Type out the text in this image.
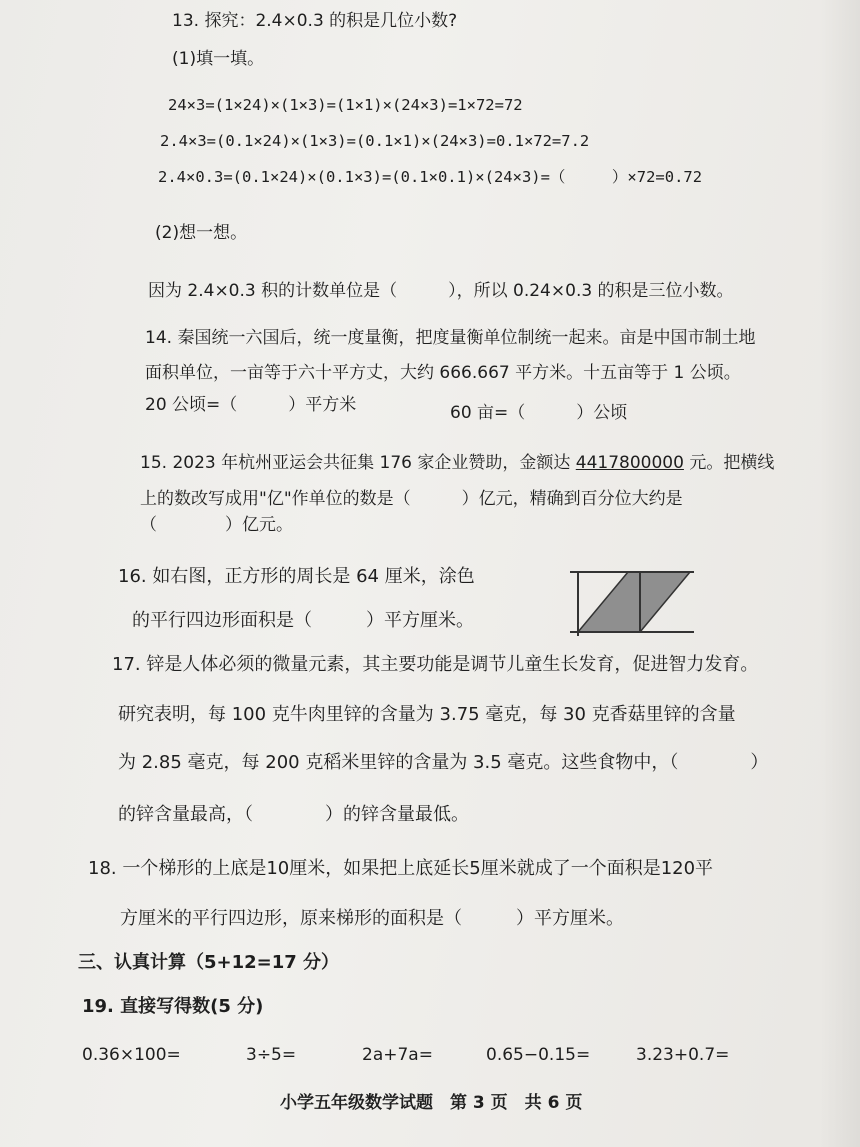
13. 探究：2.4×0.3 的积是几位小数?
(1)填一填。
24×3=(1×24)×(1×3)=(1×1)×(24×3)=1×72=72
2.4×3=(0.1×24)×(1×3)=(0.1×1)×(24×3)=0.1×72=7.2
2.4×0.3=(0.1×24)×(0.1×3)=(0.1×0.1)×(24×3)=（　　　）×72=0.72
(2)想一想。
因为 2.4×0.3 积的计数单位是（　　　），所以 0.24×0.3 的积是三位小数。
14. 秦国统一六国后，统一度量衡，把度量衡单位制统一起来。亩是中国市制土地
面积单位，一亩等于六十平方丈，大约 666.667 平方米。十五亩等于 1 公顷。
20 公顷=（　　　）平方米	60 亩=（　　　）公顷
15. 2023 年杭州亚运会共征集 176 家企业赞助，金额达 4417800000 元。把横线
上的数改写成用"亿"作单位的数是（　　　）亿元，精确到百分位大约是
（　　　　）亿元。
16. 如右图，正方形的周长是 64 厘米，涂色
的平行四边形面积是（　　　）平方厘米。
17. 锌是人体必须的微量元素，其主要功能是调节儿童生长发育，促进智力发育。
研究表明，每 100 克牛肉里锌的含量为 3.75 毫克，每 30 克香菇里锌的含量
为 2.85 毫克，每 200 克稻米里锌的含量为 3.5 毫克。这些食物中，（　　　　）
的锌含量最高，（　　　　）的锌含量最低。
18. 一个梯形的上底是10厘米，如果把上底延长5厘米就成了一个面积是120平
方厘米的平行四边形，原来梯形的面积是（　　　）平方厘米。
三、认真计算（5+12=17 分）
19. 直接写得数(5 分)
0.36×100=	3÷5=	2a+7a=	0.65−0.15=	3.23+0.7=
小学五年级数学试题　第 3 页　共 6 页
